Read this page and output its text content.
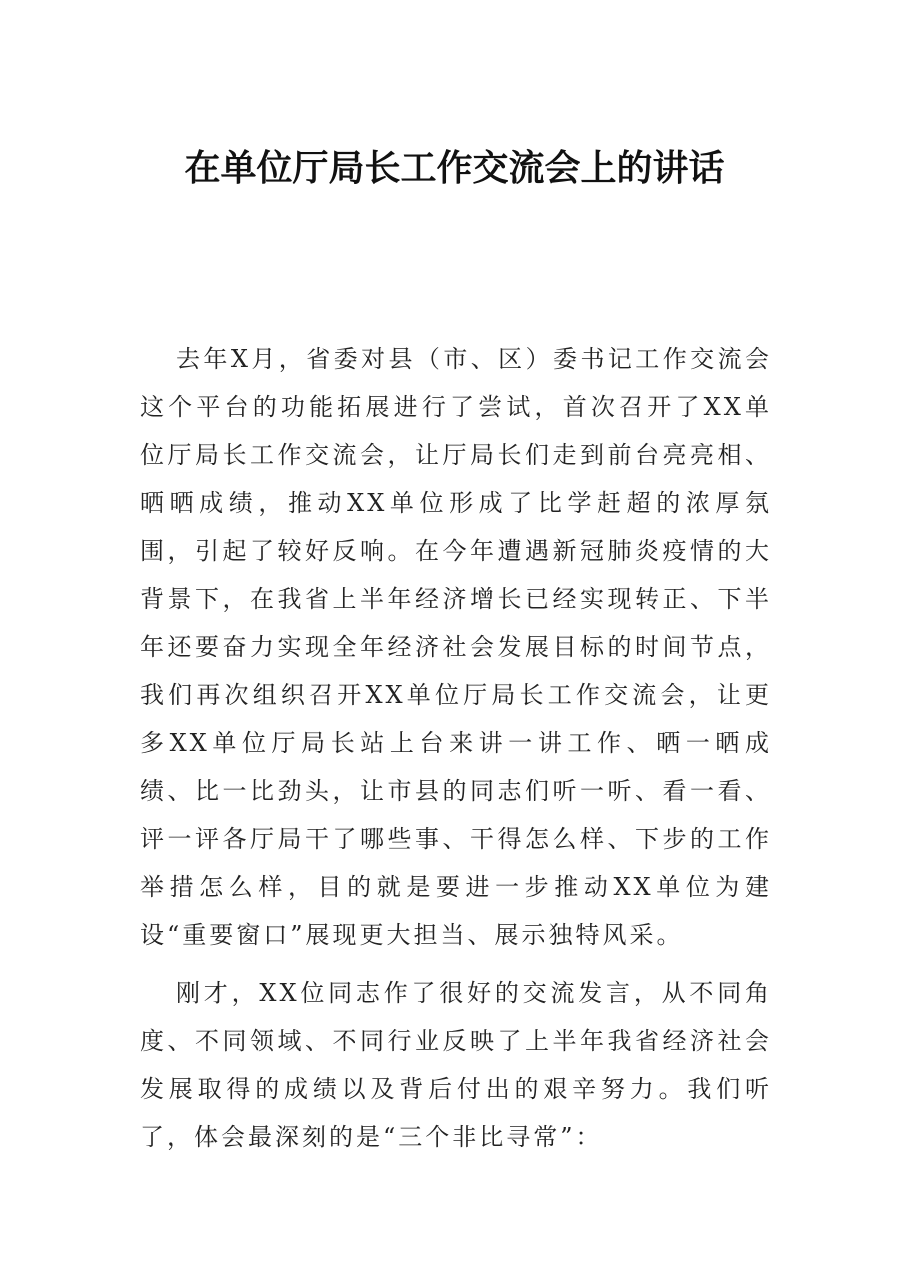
在单位厅局长工作交流会上的讲话

去年X月，省委对县（市、区）委书记工作交流会这个平台的功能拓展进行了尝试，首次召开了XX单位厅局长工作交流会，让厅局长们走到前台亮亮相、晒晒成绩，推动XX单位形成了比学赶超的浓厚氛围，引起了较好反响。在今年遭遇新冠肺炎疫情的大背景下，在我省上半年经济增长已经实现转正、下半年还要奋力实现全年经济社会发展目标的时间节点，我们再次组织召开XX单位厅局长工作交流会，让更多XX单位厅局长站上台来讲一讲工作、晒一晒成绩、比一比劲头，让市县的同志们听一听、看一看、评一评各厅局干了哪些事、干得怎么样、下步的工作举措怎么样，目的就是要进一步推动XX单位为建设“重要窗口”展现更大担当、展示独特风采。

刚才，XX位同志作了很好的交流发言，从不同角度、不同领域、不同行业反映了上半年我省经济社会发展取得的成绩以及背后付出的艰辛努力。我们听了，体会最深刻的是“三个非比寻常”：
